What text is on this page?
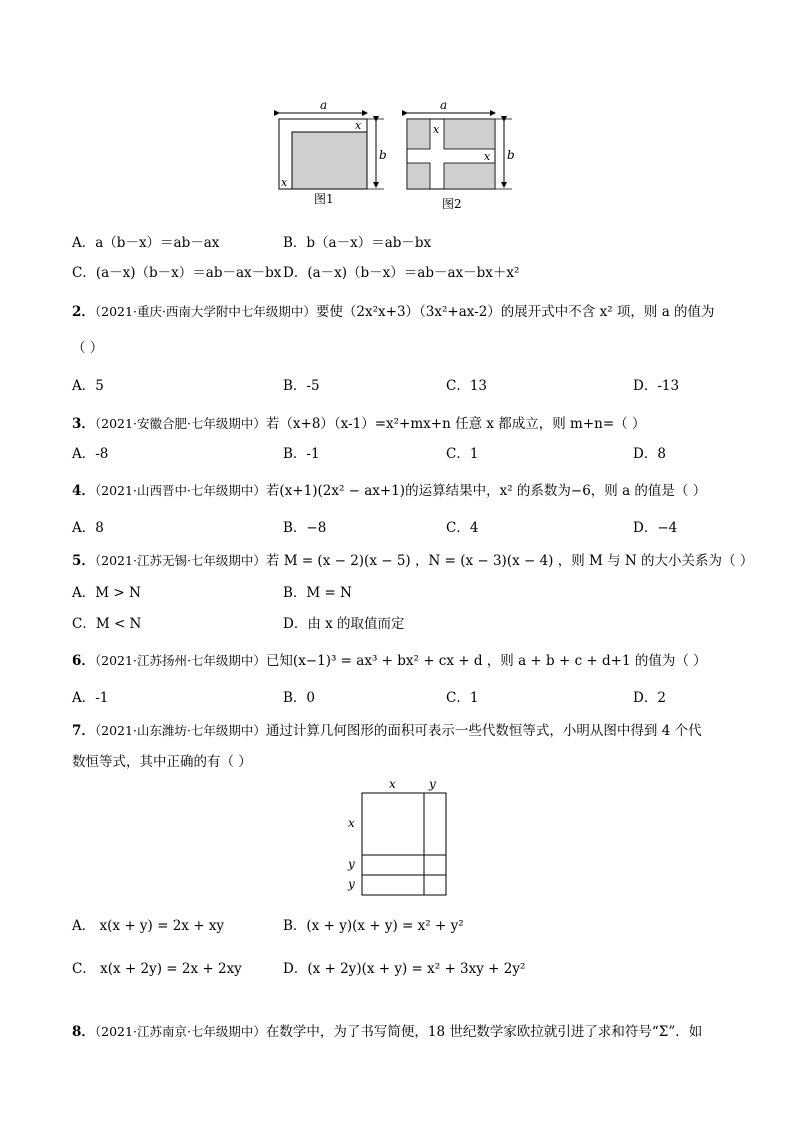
a
x
b
x
图1
a
x
x b
图2
A．a（b－x）＝ab－ax	B．b（a－x）＝ab－bx
C．(a－x)（b－x）＝ab－ax－bx D．(a－x)（b－x）＝ab－ax－bx＋x²
2．（2021·重庆·西南大学附中七年级期中）要使（2x²x+3）（3x²+ax-2）的展开式中不含 x² 项，则 a 的值为
（ ）
A．5	B．-5	C．13	D．-13
3．（2021·安徽合肥·七年级期中）若（x+8）（x-1）=x²+mx+n 任意 x 都成立，则 m+n=（ ）
A．-8	B．-1	C．1	D．8
4．（2021·山西晋中·七年级期中）若(x+1)(2x² − ax+1)的运算结果中，x² 的系数为−6，则 a 的值是（ ）
A．8	B．−8	C．4	D．−4
5．（2021·江苏无锡·七年级期中）若 M = (x − 2)(x − 5) ，N = (x − 3)(x − 4) ，则 M 与 N 的大小关系为（ ）
A．M > N	B．M = N
C．M < N	D．由 x 的取值而定
6．（2021·江苏扬州·七年级期中）已知(x−1)³ = ax³ + bx² + cx + d ，则 a + b + c + d+1 的值为（ ）
A．-1	B．0	C．1	D．2
7．（2021·山东潍坊·七年级期中）通过计算几何图形的面积可表示一些代数恒等式，小明从图中得到 4 个代
数恒等式，其中正确的有（ ）
x	y
x
y
y
A． x(x + y) = 2x + xy	B．(x + y)(x + y) = x² + y²
C． x(x + 2y) = 2x + 2xy	D．(x + 2y)(x + y) = x² + 3xy + 2y²
8．（2021·江苏南京·七年级期中）在数学中，为了书写简便，18 世纪数学家欧拉就引进了求和符号“Σ”．如
